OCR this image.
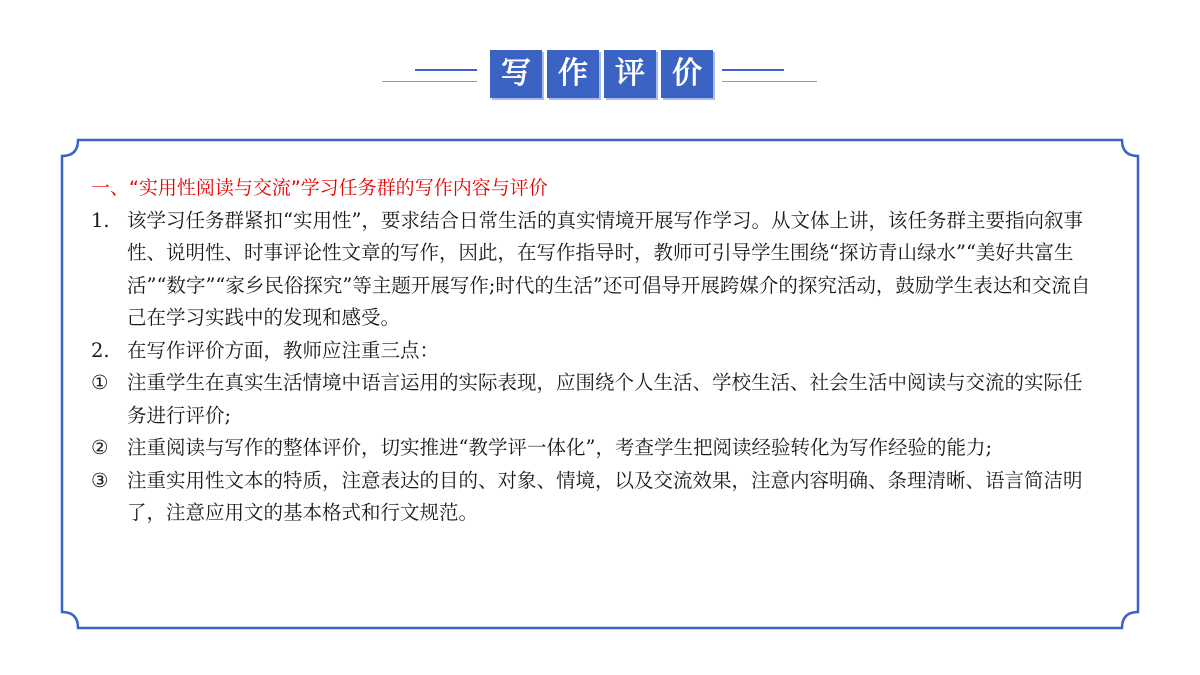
写 作 评 价
一、“实用性阅读与交流”学习任务群的写作内容与评价
1. 该学习任务群紧扣“实用性”，要求结合日常生活的真实情境开展写作学习。从文体上讲，该任务群主要指向叙事性、说明性、时事评论性文章的写作，因此，在写作指导时，教师可引导学生围绕“探访青山绿水”“美好共富生活”“数字”“家乡民俗探究”等主题开展写作;时代的生活”还可倡导开展跨媒介的探究活动，鼓励学生表达和交流自己在学习实践中的发现和感受。
2. 在写作评价方面，教师应注重三点：
① 注重学生在真实生活情境中语言运用的实际表现，应围绕个人生活、学校生活、社会生活中阅读与交流的实际任务进行评价;
② 注重阅读与写作的整体评价，切实推进“教学评一体化”，考查学生把阅读经验转化为写作经验的能力;
③ 注重实用性文本的特质，注意表达的目的、对象、情境，以及交流效果，注意内容明确、条理清晰、语言简洁明了，注意应用文的基本格式和行文规范。
